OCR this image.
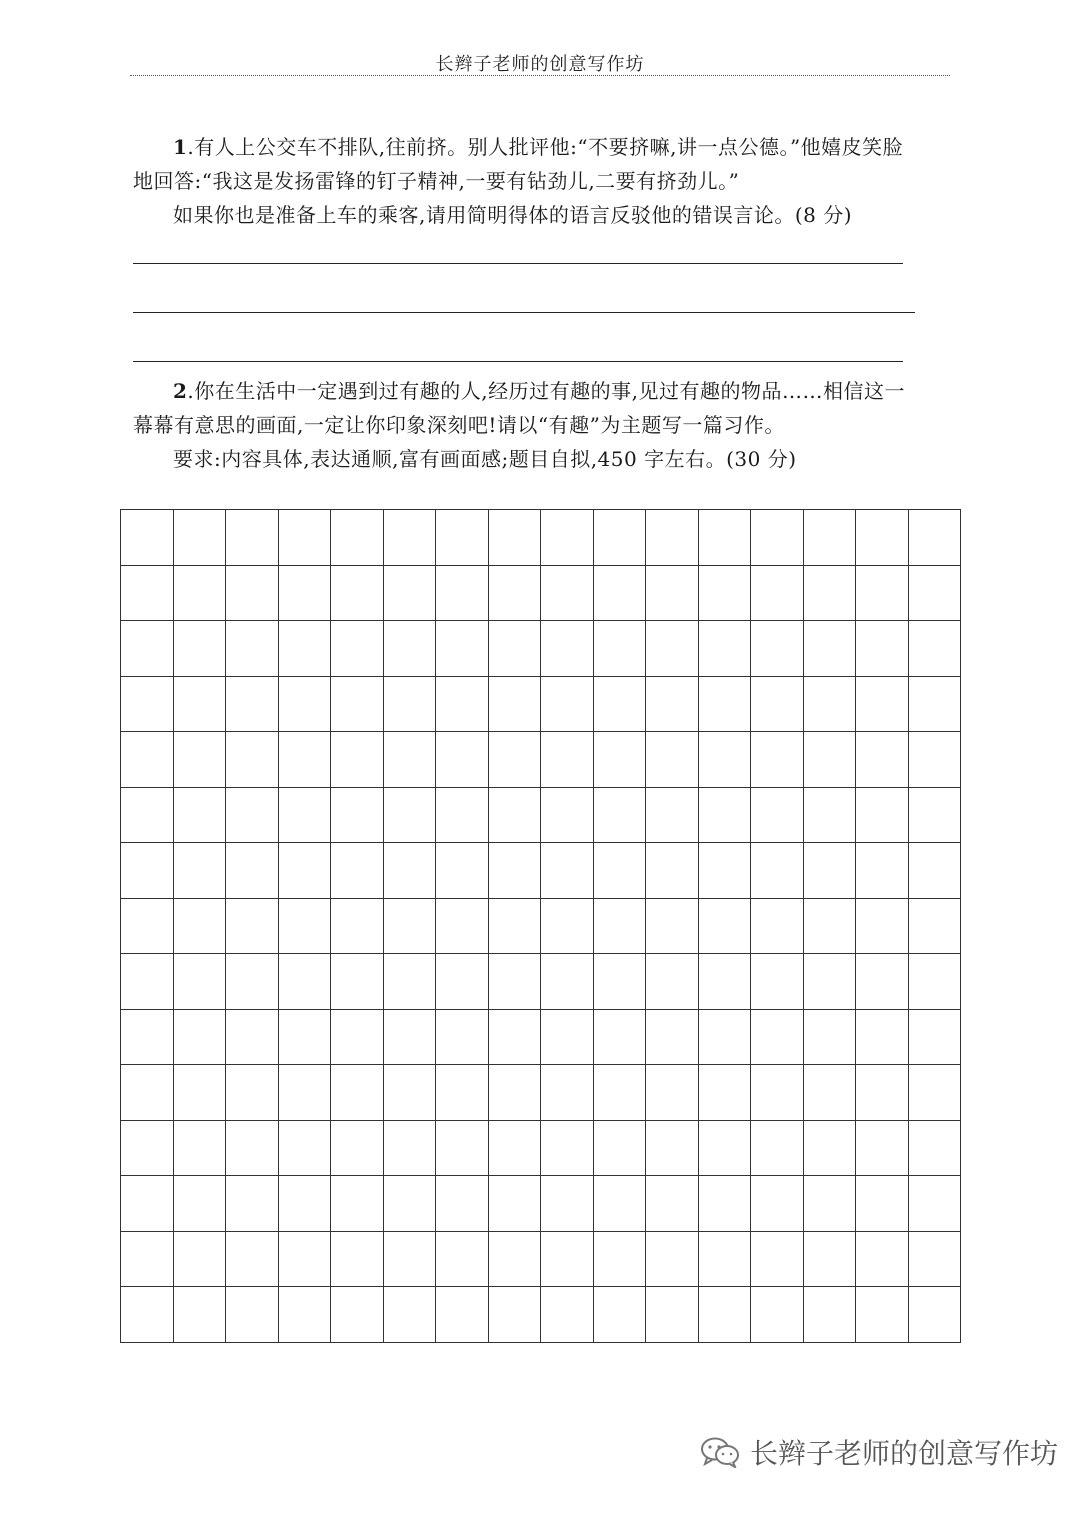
长辫子老师的创意写作坊

1.有人上公交车不排队,往前挤。别人批评他:“不要挤嘛,讲一点公德。”他嬉皮笑脸

地回答:“我这是发扬雷锋的钉子精神,一要有钻劲儿,二要有挤劲儿。”

如果你也是准备上车的乘客,请用简明得体的语言反驳他的错误言论。(8 分)

2.你在生活中一定遇到过有趣的人,经历过有趣的事,见过有趣的物品……相信这一

幕幕有意思的画面,一定让你印象深刻吧!请以“有趣”为主题写一篇习作。

要求:内容具体,表达通顺,富有画面感;题目自拟,450 字左右。(30 分)

长辫子老师的创意写作坊
